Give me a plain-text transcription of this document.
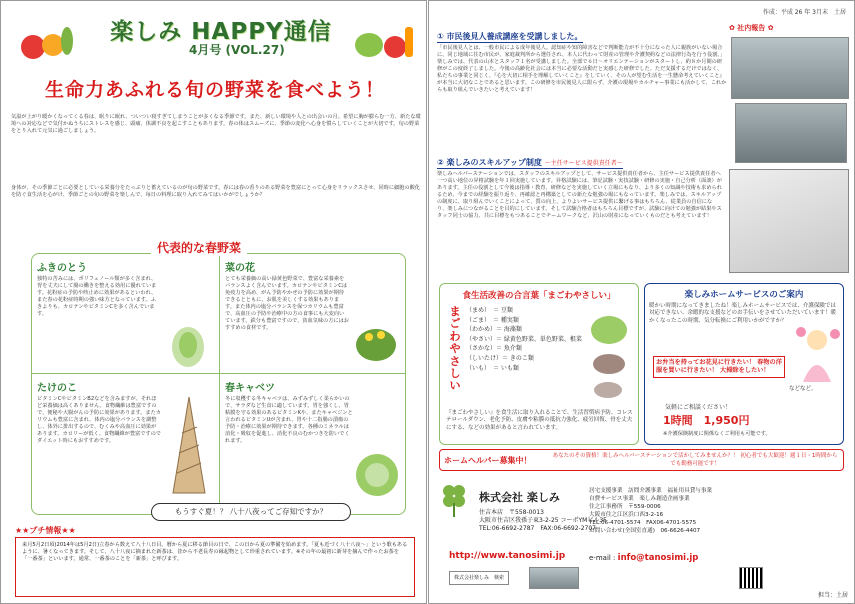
楽しみ HAPPY通信
4月号 (VOL.27)
生命力あふれる旬の野菜を食べよう！
気温が上がり暖かくなってくる春は、眠りに眠れ、ついつい寝すぎてしまうことが多くなる季節です。また、新しい環境や人との出会いの月。希望に胸が膨らむ一方、新たな環境への対応などで気付かぬうちにストレスを感じ、頭痛、体調不良を起こすこともあります。春の体はスムーズに、季節の変化へ心身を慣らしていくことが大切です。旬の野菜をとり入れて元気に過ごしましょう。
身体が、その季節ごとに必要としている栄養分をたっぷりと蓄えているのが旬の野菜です。春には春の香りのある野菜を豊富にとって心身をリラックスさせ、同時に細胞の酸化を防ぐ食生活を心がけ、季節ごとの旬の野菜を楽しんで、毎日の料理に取り入れてみてはいかがでしょうか？
代表的な春野菜
ふきのとう
独特の苦みには、ポリフェノール類が多く含まれ、胃を丈夫にして腸の働きを整える効用に優れています。花粉症の予防や咳止めに効果があるといわれ、また春の花粉症時期の強い味方となっています。ふきよりも、カロテンやビタミンCを多く含んでいます。
菜の花
とても栄養価の高い緑黄色野菜で、豊富な栄養素をバランスよく含んでいます。カロテンやビタミンCは免疫力を高め、がん予防やかぜの予防に効果が期待できるとともに、お肌を美しくする効果もあります。また体内の塩分バランスを保つカリウムも豊富で、高血圧の予防や治療中の方の食事にも大変向いています。鉄分も豊富ですので、貧血気味の方にはおすすめの食材です。
たけのこ
ビタミンCやビタミンB2などを含みますが、それほど栄養価は高くありません。食物繊維は豊富ですので、便秘や大腸がんの予防に効果があります。またカリウムも豊富に含まれ、体内の塩分バランスを調整し、体外に排出するので、むくみや高血圧に効果があります。カロリーが低く、食物繊維が豊富ですのでダイエット時にもおすすめです。
春キャベツ
冬に収穫する冬キャベツは、みずみずしく柔らかいので、サラダなど生食に適しています。胃を強くし、胃粘膜を守る効果のあるビタミンKや、またキャベジンと言われるビタミンUが含まれ、胃や十二指腸の潰瘍の予防・治療に効果が期待できます。各種のミネラルは消化・吸収を促進し、消化不良のむかつきを防いでくれます。
もうすぐ夏！？ 八十八夜ってご存知ですか？
★★プチ情報★★
来月5月2日頃(2014年は5月2日)立春から数えて八十八日目。暦から夏に移る節目の日で、この日から夏の準備を始めます。「夏も近づく八十八夜～」という歌もあるように、暑くなってきます。そして、八十八夜に摘まれた新茶は、昔から不老長寿の縁起物として珍重されています。※その年の最初に新芽を摘んで作ったお茶を「一番茶」といいます。通常、一番茶のことを「新茶」と呼びます。
作成：平成 26 年 3月末　土居
✿ 社内報告 ✿
① 市民後見人養成講座を受講しました。
「市民後見人とは、一般市民による成年後見人。認知症や知的障害などで判断能力が不十分になった人に親族がいない場合に、同じ地域に住む市民が、家庭裁判所から選任され、本人に代わって財産の管理や介護契約などの法律行為を行う役割。」楽しみでは、代表の山本とスタッフ１名が受講しました。全部で６日～オリエンテーションがスタートし、約８か月間の研修がこの度終了しました。今後の高齢化社会には本当に必要な活動だと実感した研修でした。ただ支援するだけではなく、私たちの事業と同じく、『心を大切に相手を理解していくこと』をしていく、その人が望む生活を一生懸命考えていくこと』が本当に大切なことであると思います。この研修を市民後見人に限らず、介護の現場やカルチャー事業にも活かして、これからも取り組んでいきたいと考えています！
② 楽しみのスキルアップ制度 ～主任サービス提供責任者～
楽しみヘルパーステーションでは、スタッフのスキルアップとして、サービス提供責任者から、主任サービス提供責任者へ一つ高い地位の昇格試験を年１回実施しています。昇格試験には、筆記試験・実技試験・研修の実施・自己分析（面談）があります。主任の役割として今後は指導・教育、研修などを実施していく立場にもなり、より多くの知識や技術も求められるため、今までの経験を振り返り、再確認と再構築としての新たな勉強の場にもなっています。楽しみでは、スキルアップの制度に、取り組んでいくことによって、質の向上、よりよいサービス提供に繋げる事はもちろん、従業員の自信になり、楽しみにつながることを目的にしています。そして試験合格者はもちろん目標ですが、試験に向けての勉強が結果やスタッフ同士の協力、共に目標をもつあることでチームワークなど、沢山の財産になっていくものだとも考えています！
食生活改善の合言葉「まごわやさしい」
ま
ご
わ
や
さ
し
い
（まめ）　＝ 豆類
（ごま）　＝ 種実類
（わかめ）＝ 海藻類
（やさい）＝ 緑黄色野菜、単色野菜、根菜
（さかな）＝ 魚介類
（しいたけ）＝ きのこ類
（いも）　＝ いも類
『まごわやさしい』を食生活に取り入れることで、生活習慣病予防、コレステロールダウン、老化予防、皮膚や粘膜の抵抗力強化、疲労回復、骨を丈夫にする、などの効果があると言われています。
楽しみホームサービスのご案内
暖かい時期になってきましたね！楽しみホームサービスでは、介護保険では対応できない、余暇的な支援などのお手伝いをさせていただいています！暖かくなったこの時期、気分転換にご利用いかがですか？
お弁当を持ってお花見に行きたい！ 春物の洋服を買いに行きたい！ 大掃除をしたい！
などなど。
気軽にご相談ください！
1時間　1,950円
※介護保険制度に関係なくご利用も可能です。
ホームヘルパー募集中！	あなたのその資格！楽しみヘルパーステーションで活かしてみませんか？！ 初心者でも大歓迎！週１日・1時間からでも勤務可能です！
株式会社 楽しみ
住吉本店　〒558-0013
大阪市住吉区我孫子東3-2-25 コーポYMビル3F
TEL:06-6692-2787　FAX:06-6692-2707
居宅支援事業　訪問介護事業　福祉用具貸与事業
自費サービス事業　楽しみ創造企画事業
住之江事務所　〒559-0006
大阪市住之江区浜口西3-2-16
TEL:06-4701-5574　FAX06-4701-5575
お問い合わせ(全国室直通)　06-6626-4407
http://www.tanosimi.jp	e-mail : info@tanosimi.jp
株式会社楽しみ　検索
担当：土居
